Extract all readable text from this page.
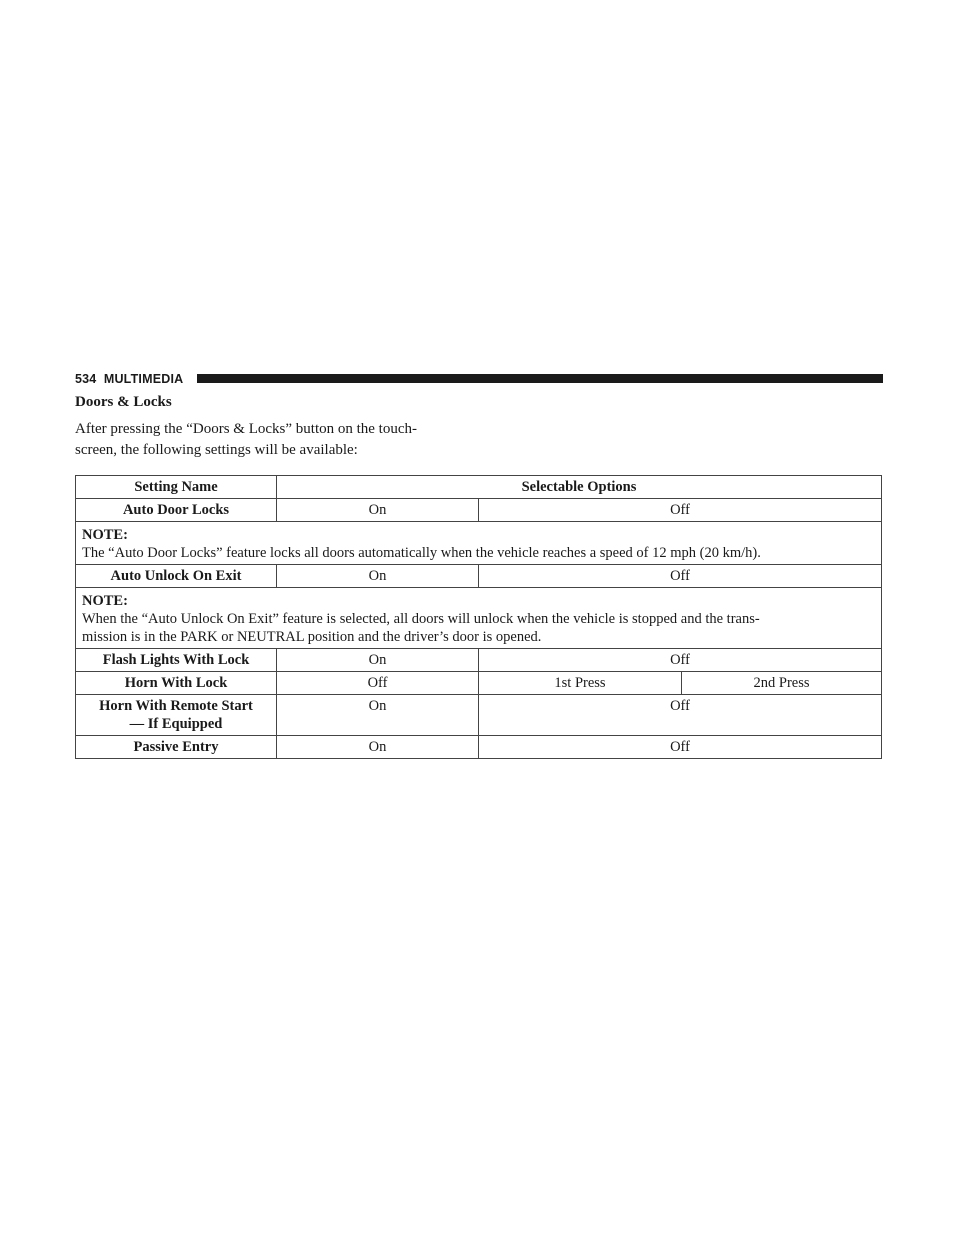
534 MULTIMEDIA
Doors & Locks
After pressing the “Doors & Locks” button on the touch-
screen, the following settings will be available:
Setting Name	Selectable Options		
Auto Door Locks	On	Off	

NOTE:
The “Auto Door Locks” feature locks all doors automatically when the vehicle reaches a speed of 12 mph (20 km/h).			

Auto Unlock On Exit	On	Off	

NOTE:
When the “Auto Unlock On Exit” feature is selected, all doors will unlock when the vehicle is stopped and the trans-
mission is in the PARK or NEUTRAL position and the driver’s door is opened.			

Flash Lights With Lock	On	Off	
Horn With Lock	Off	1st Press	2nd Press
Horn With Remote Start
— If Equipped	On	Off	
Passive Entry	On	Off	
